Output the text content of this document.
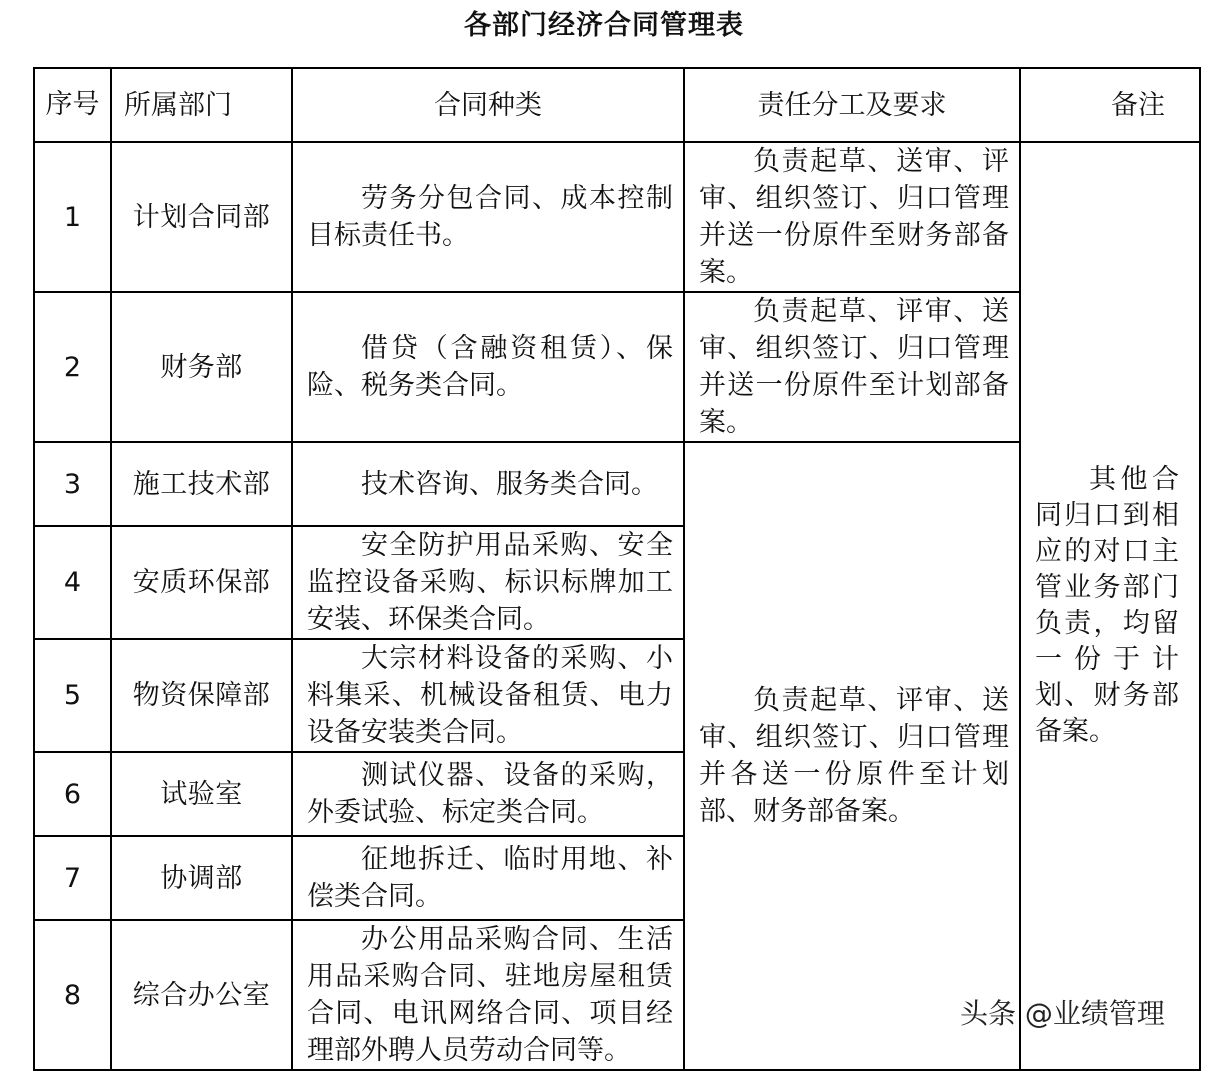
各部门经济合同管理表
序号	所属部门	合同种类	责任分工及要求	备注
1	计划合同部	劳务分包合同、成本控制目标责任书。	负责起草、送审、评审、组织签订、归口管理并送一份原件至财务部备案。	其他合同归口到相应的对口主管业务部门负责，均留一份于计划、财务部备案。
2	财务部	借贷（含融资租赁）、保险、税务类合同。	负责起草、评审、送审、组织签订、归口管理并送一份原件至计划部备案。	
3	施工技术部	技术咨询、服务类合同。	负责起草、评审、送审、组织签订、归口管理并各送一份原件至计划部、财务部备案。	
4	安质环保部	安全防护用品采购、安全监控设备采购、标识标牌加工安装、环保类合同。		
5	物资保障部	大宗材料设备的采购、小料集采、机械设备租赁、电力设备安装类合同。		
6	试验室	测试仪器、设备的采购，外委试验、标定类合同。		
7	协调部	征地拆迁、临时用地、补偿类合同。		
8	综合办公室	办公用品采购合同、生活用品采购合同、驻地房屋租赁合同、电讯网络合同、项目经理部外聘人员劳动合同等。		
头条 @业绩管理
